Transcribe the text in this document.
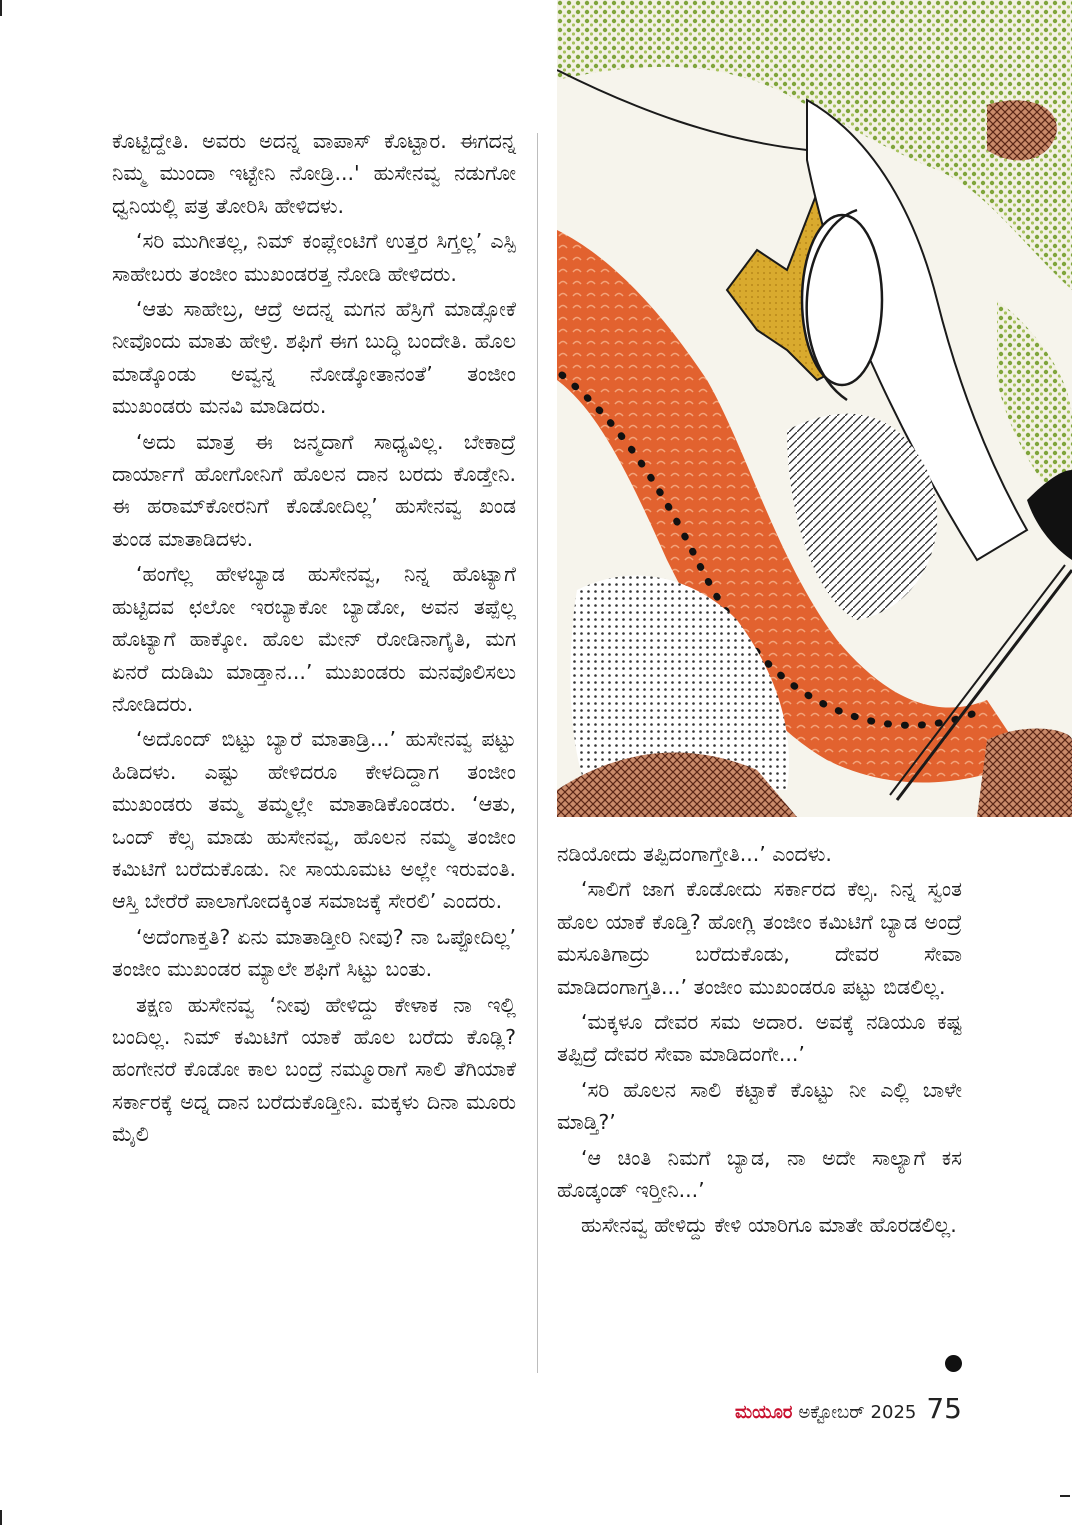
ಕೊಟ್ಟಿದ್ದೇತಿ. ಅವರು ಅದನ್ನ ವಾಪಾಸ್ ಕೊಟ್ಟಾರ. ಈಗದನ್ನ ನಿಮ್ಮ ಮುಂದಾ ಇಟ್ಟೇನಿ ನೋಡ್ರಿ...' ಹುಸೇನವ್ವ ನಡುಗೋ ಧ್ವನಿಯಲ್ಲಿ ಪತ್ರ ತೋರಿಸಿ ಹೇಳಿದಳು.

‘ಸರಿ ಮುಗೀತಲ್ಲ, ನಿಮ್ ಕಂಪ್ಲೇಂಟಿಗೆ ಉತ್ತರ ಸಿಗ್ತಲ್ಲ’ ಎಸ್ಪಿ ಸಾಹೇಬರು ತಂಜೀಂ ಮುಖಂಡರತ್ತ ನೋಡಿ ಹೇಳಿದರು.

‘ಆತು ಸಾಹೇಬ್ರ, ಆದ್ರೆ ಅದನ್ನ ಮಗನ ಹೆಸ್ರಿಗೆ ಮಾಡ್ಸೋಕೆ ನೀವೊಂದು ಮಾತು ಹೇಳ್ರಿ. ಶಫಿಗೆ ಈಗ ಬುದ್ಧಿ ಬಂದೇತಿ. ಹೊಲ ಮಾಡ್ಕೊಂಡು ಅವ್ವನ್ನ ನೋಡ್ಕೋತಾನಂತೆ’ ತಂಜೀಂ ಮುಖಂಡರು ಮನವಿ ಮಾಡಿದರು.

‘ಅದು ಮಾತ್ರ ಈ ಜನ್ಮದಾಗೆ ಸಾಧ್ಯವಿಲ್ಲ. ಬೇಕಾದ್ರೆ ದಾರ್ಯಾಗೆ ಹೋಗೋನಿಗೆ ಹೊಲನ ದಾನ ಬರದು ಕೊಡ್ತೇನಿ. ಈ ಹರಾಮ್‌ಕೋರನಿಗೆ ಕೊಡೋದಿಲ್ಲ’ ಹುಸೇನವ್ವ ಖಂಡ ತುಂಡ ಮಾತಾಡಿದಳು.

‘ಹಂಗೆಲ್ಲ ಹೇಳಬ್ಯಾಡ ಹುಸೇನವ್ವ, ನಿನ್ನ ಹೊಟ್ಯಾಗೆ ಹುಟ್ಟಿದವ ಛಲೋ ಇರಬ್ಯಾಕೋ ಬ್ಯಾಡೋ, ಅವನ ತಪ್ಪೆಲ್ಲ ಹೊಟ್ಯಾಗೆ ಹಾಕ್ಕೋ. ಹೊಲ ಮೇನ್ ರೋಡಿನಾಗೈತಿ, ಮಗ ಏನರೆ ದುಡಿಮಿ ಮಾಡ್ತಾನ...’ ಮುಖಂಡರು ಮನವೊಲಿಸಲು ನೋಡಿದರು.

‘ಅದೊಂದ್ ಬಿಟ್ಟು ಬ್ಯಾರೆ ಮಾತಾಡ್ರಿ...’ ಹುಸೇನವ್ವ ಪಟ್ಟು ಹಿಡಿದಳು. ಎಷ್ಟು ಹೇಳಿದರೂ ಕೇಳದಿದ್ದಾಗ ತಂಜೀಂ ಮುಖಂಡರು ತಮ್ಮ ತಮ್ಮಲ್ಲೇ ಮಾತಾಡಿಕೊಂಡರು. ‘ಆತು, ಒಂದ್ ಕೆಲ್ಸ ಮಾಡು ಹುಸೇನವ್ವ, ಹೊಲನ ನಮ್ಮ ತಂಜೀಂ ಕಮಿಟಿಗೆ ಬರೆದುಕೊಡು. ನೀ ಸಾಯೂಮಟ ಅಲ್ಲೇ ಇರುವಂತಿ. ಆಸ್ತಿ ಬೇರೆರೆ ಪಾಲಾಗೋದಕ್ಕಿಂತ ಸಮಾಜಕ್ಕೆ ಸೇರಲಿ’ ಎಂದರು.

‘ಅದೆಂಗಾಕ್ತತಿ? ಏನು ಮಾತಾಡ್ತೀರಿ ನೀವು? ನಾ ಒಪ್ಪೋದಿಲ್ಲ’ ತಂಜೀಂ ಮುಖಂಡರ ಮ್ಯಾಲೇ ಶಫಿಗೆ ಸಿಟ್ಟು ಬಂತು.

ತಕ್ಷಣ ಹುಸೇನವ್ವ ‘ನೀವು ಹೇಳಿದ್ದು ಕೇಳಾಕ ನಾ ಇಲ್ಲಿ ಬಂದಿಲ್ಲ. ನಿಮ್ ಕಮಿಟಿಗೆ ಯಾಕೆ ಹೊಲ ಬರೆದು ಕೊಡ್ಲಿ? ಹಂಗೇನರೆ ಕೊಡೋ ಕಾಲ ಬಂದ್ರೆ ನಮ್ಮೂರಾಗೆ ಸಾಲಿ ತೆಗಿಯಾಕೆ ಸರ್ಕಾರಕ್ಕೆ ಅದ್ನ ದಾನ ಬರೆದುಕೊಡ್ತೀನಿ. ಮಕ್ಕಳು ದಿನಾ ಮೂರು ಮೈಲಿ

ನಡಿಯೋದು ತಪ್ಪಿದಂಗಾಗ್ತೇತಿ...’ ಎಂದಳು.

‘ಸಾಲಿಗೆ ಜಾಗ ಕೊಡೋದು ಸರ್ಕಾರದ ಕೆಲ್ಸ. ನಿನ್ನ ಸ್ವಂತ ಹೊಲ ಯಾಕೆ ಕೊಡ್ತಿ? ಹೋಗ್ಲಿ ತಂಜೀಂ ಕಮಿಟಿಗೆ ಬ್ಯಾಡ ಅಂದ್ರೆ ಮಸೂತಿಗಾದ್ರು ಬರೆದುಕೊಡು, ದೇವರ ಸೇವಾ ಮಾಡಿದಂಗಾಗ್ತತಿ...’ ತಂಜೀಂ ಮುಖಂಡರೂ ಪಟ್ಟು ಬಿಡಲಿಲ್ಲ.

‘ಮಕ್ಕಳೂ ದೇವರ ಸಮ ಅದಾರ. ಅವಕ್ಕೆ ನಡಿಯೂ ಕಷ್ಟ ತಪ್ಪಿದ್ರೆ ದೇವರ ಸೇವಾ ಮಾಡಿದಂಗೇ...’

‘ಸರಿ ಹೊಲನ ಸಾಲಿ ಕಟ್ಟಾಕೆ ಕೊಟ್ಟು ನೀ ಎಲ್ಲಿ ಬಾಳೇ ಮಾಡ್ತಿ?’

‘ಆ ಚಿಂತಿ ನಿಮಗೆ ಬ್ಯಾಡ, ನಾ ಅದೇ ಸಾಲ್ಯಾಗೆ ಕಸ ಹೊಡ್ಕಂಡ್ ಇರ್‍ತೀನಿ...’

ಹುಸೇನವ್ವ ಹೇಳಿದ್ದು ಕೇಳಿ ಯಾರಿಗೂ ಮಾತೇ ಹೊರಡಲಿಲ್ಲ.

ಮಯೂರ ಅಕ್ಟೋಬರ್ 2025 75
